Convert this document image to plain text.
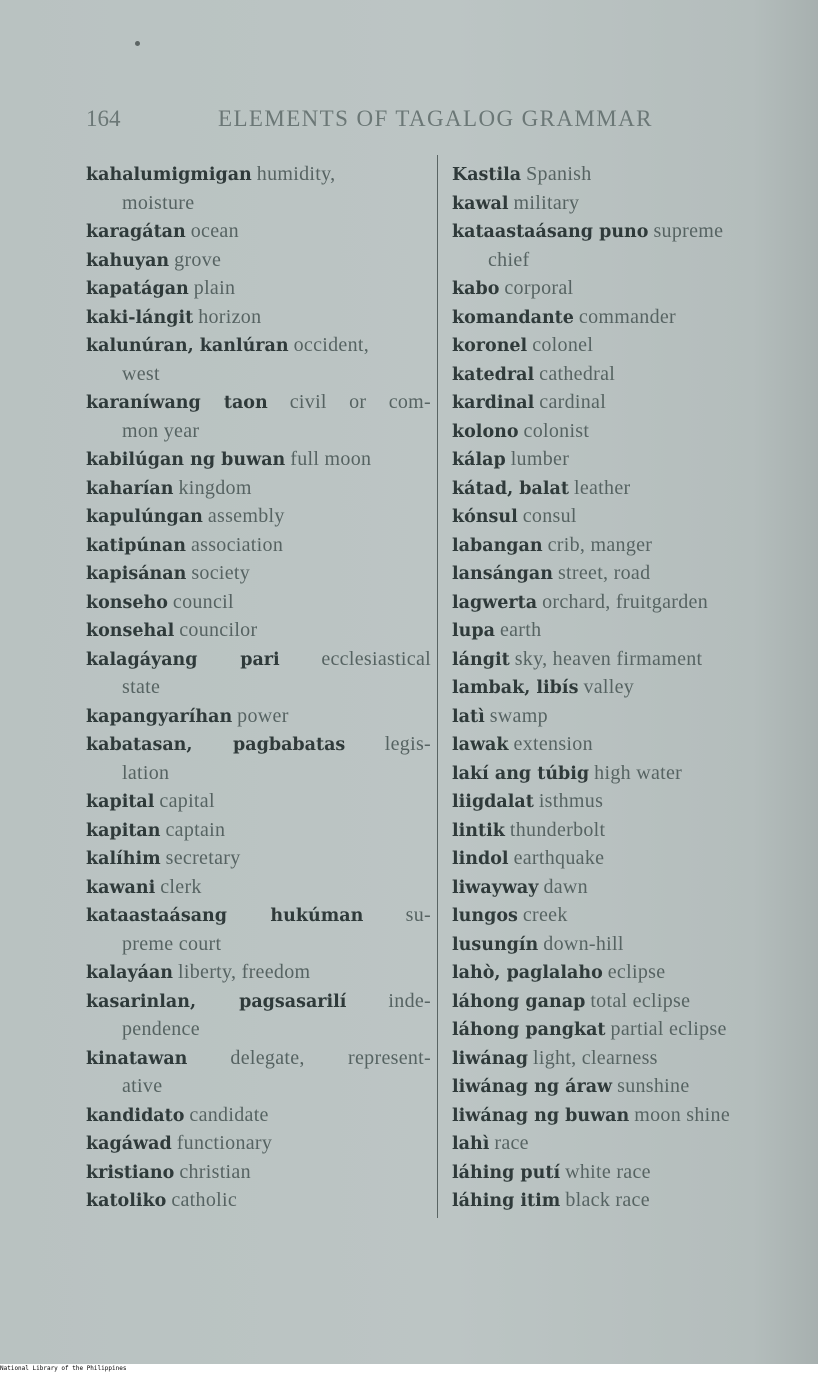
164	ELEMENTS OF TAGALOG GRAMMAR
kahalumigmigan humidity,
moisture
karagátan ocean
kahuyan grove
kapatágan plain
kaki-lángit horizon
kalunúran, kanlúran occident,
west
karaníwang taon civil or com-
mon year
kabilúgan ng buwan full moon
kaharían kingdom
kapulúngan assembly
katipúnan association
kapisánan society
konseho council
konsehal councilor
kalagáyang pari ecclesiastical
state
kapangyaríhan power
kabatasan, pagbabatas legis-
lation
kapital capital
kapitan captain
kalíhim secretary
kawani clerk
kataastaásang hukúman su-
preme court
kalayáan liberty, freedom
kasarinlan, pagsasarilí inde-
pendence
kinatawan delegate, represent-
ative
kandidato candidate
kagáwad functionary
kristiano christian
katoliko catholic
Kastila Spanish
kawal military
kataastaásang puno supreme
chief
kabo corporal
komandante commander
koronel colonel
katedral cathedral
kardinal cardinal
kolono colonist
kálap lumber
kátad, balat leather
kónsul consul
labangan crib, manger
lansángan street, road
lagwerta orchard, fruitgarden
lupa earth
lángit sky, heaven firmament
lambak, libís valley
latì swamp
lawak extension
lakí ang túbig high water
liigdalat isthmus
lintik thunderbolt
lindol earthquake
liwayway dawn
lungos creek
lusungín down-hill
lahò, paglalaho eclipse
láhong ganap total eclipse
láhong pangkat partial eclipse
liwánag light, clearness
liwánag ng áraw sunshine
liwánag ng buwan moon shine
lahì race
láhing putí white race
láhing itim black race
National Library of the Philippines
